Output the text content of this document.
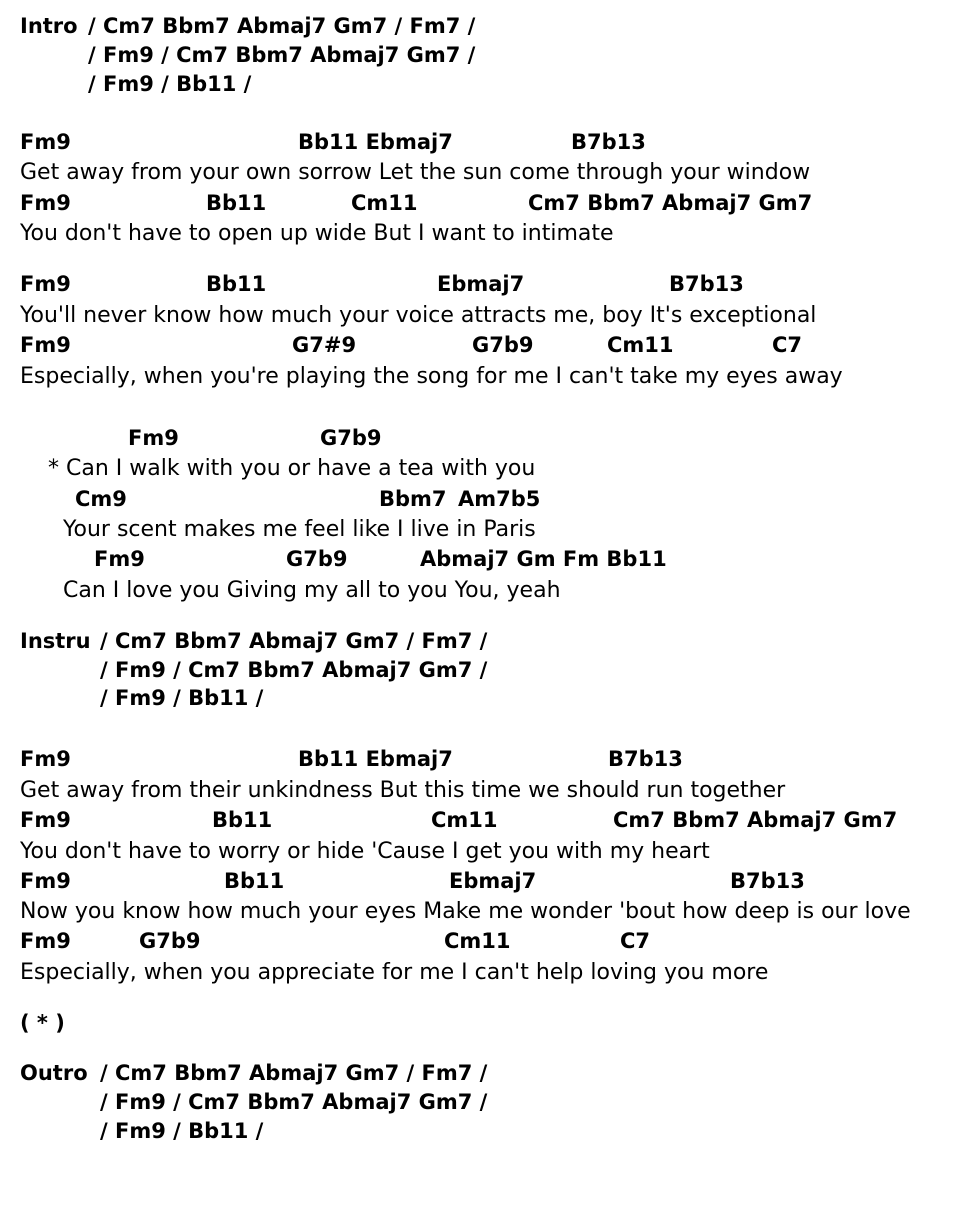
Intro / Cm7 Bbm7 Abmaj7 Gm7 / Fm7 /
/ Fm9 / Cm7 Bbm7 Abmaj7 Gm7 /
/ Fm9 / Bb11 /
Fm9	Bb11 Ebmaj7	B7b13
Get away from your own sorrow Let the sun come through your window
Fm9	Bb11	Cm11	Cm7 Bbm7 Abmaj7 Gm7
You don't have to open up wide But I want to intimate
Fm9	Bb11	Ebmaj7	B7b13
You'll never know how much your voice attracts me, boy It's exceptional
Fm9	G7#9	G7b9	Cm11	C7
Especially, when you're playing the song for me I can't take my eyes away
Fm9	G7b9
* Can I walk with you or have a tea with you
Cm9	Bbm7 Am7b5
Your scent makes me feel like I live in Paris
Fm9	G7b9	Abmaj7 Gm Fm Bb11
Can I love you Giving my all to you You, yeah
Instru / Cm7 Bbm7 Abmaj7 Gm7 / Fm7 /
/ Fm9 / Cm7 Bbm7 Abmaj7 Gm7 /
/ Fm9 / Bb11 /
Fm9	Bb11 Ebmaj7	B7b13
Get away from their unkindness But this time we should run together
Fm9	Bb11	Cm11	Cm7 Bbm7 Abmaj7 Gm7
You don't have to worry or hide 'Cause I get you with my heart
Fm9	Bb11	Ebmaj7	B7b13
Now you know how much your eyes Make me wonder 'bout how deep is our love
Fm9	G7b9	Cm11	C7
Especially, when you appreciate for me I can't help loving you more
( * )
Outro / Cm7 Bbm7 Abmaj7 Gm7 / Fm7 /
/ Fm9 / Cm7 Bbm7 Abmaj7 Gm7 /
/ Fm9 / Bb11 /
